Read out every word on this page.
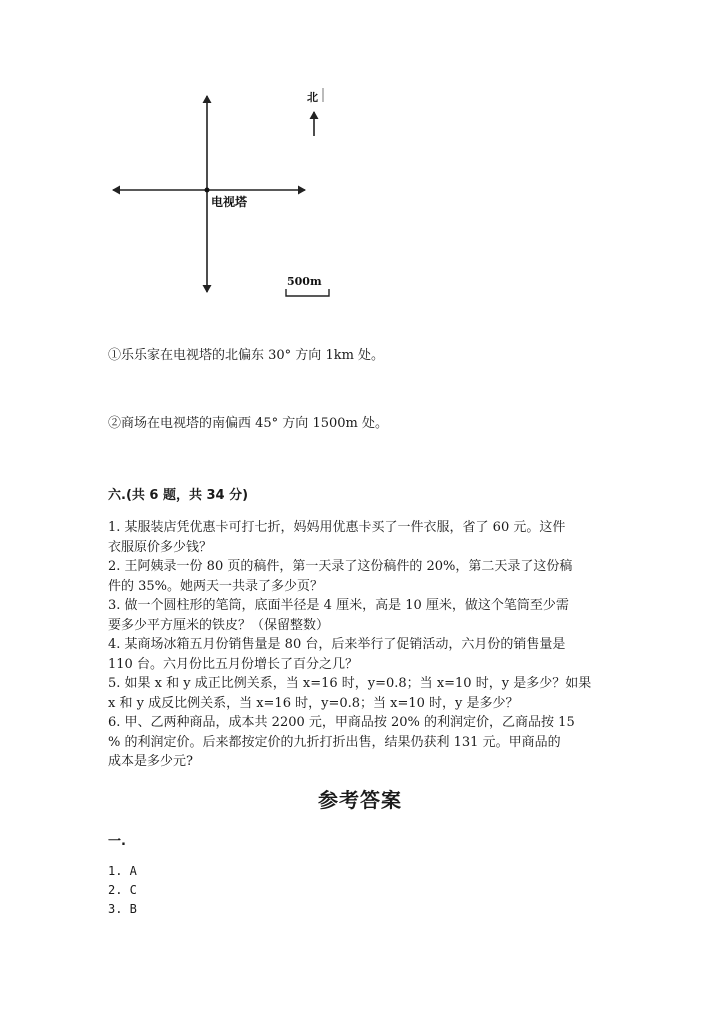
电视塔
北
500m
①乐乐家在电视塔的北偏东 30° 方向 1km 处。
②商场在电视塔的南偏西 45° 方向 1500m 处。
六.(共 6 题，共 34 分)
1. 某服装店凭优惠卡可打七折，妈妈用优惠卡买了一件衣服，省了 60 元。这件
衣服原价多少钱？
2. 王阿姨录一份 80 页的稿件，第一天录了这份稿件的 20%，第二天录了这份稿
件的 35%。她两天一共录了多少页？
3. 做一个圆柱形的笔筒，底面半径是 4 厘米，高是 10 厘米，做这个笔筒至少需
要多少平方厘米的铁皮？（保留整数）
4. 某商场冰箱五月份销售量是 80 台，后来举行了促销活动，六月份的销售量是
110 台。六月份比五月份增长了百分之几？
5. 如果 x 和 y 成正比例关系，当 x=16 时，y=0.8；当 x=10 时，y 是多少？如果
x 和 y 成反比例关系，当 x=16 时，y=0.8；当 x=10 时，y 是多少？
6. 甲、乙两种商品，成本共 2200 元，甲商品按 20% 的利润定价，乙商品按 15
% 的利润定价。后来都按定价的九折打折出售，结果仍获利 131 元。甲商品的
成本是多少元?
参考答案
一.
1. A
2. C
3. B
